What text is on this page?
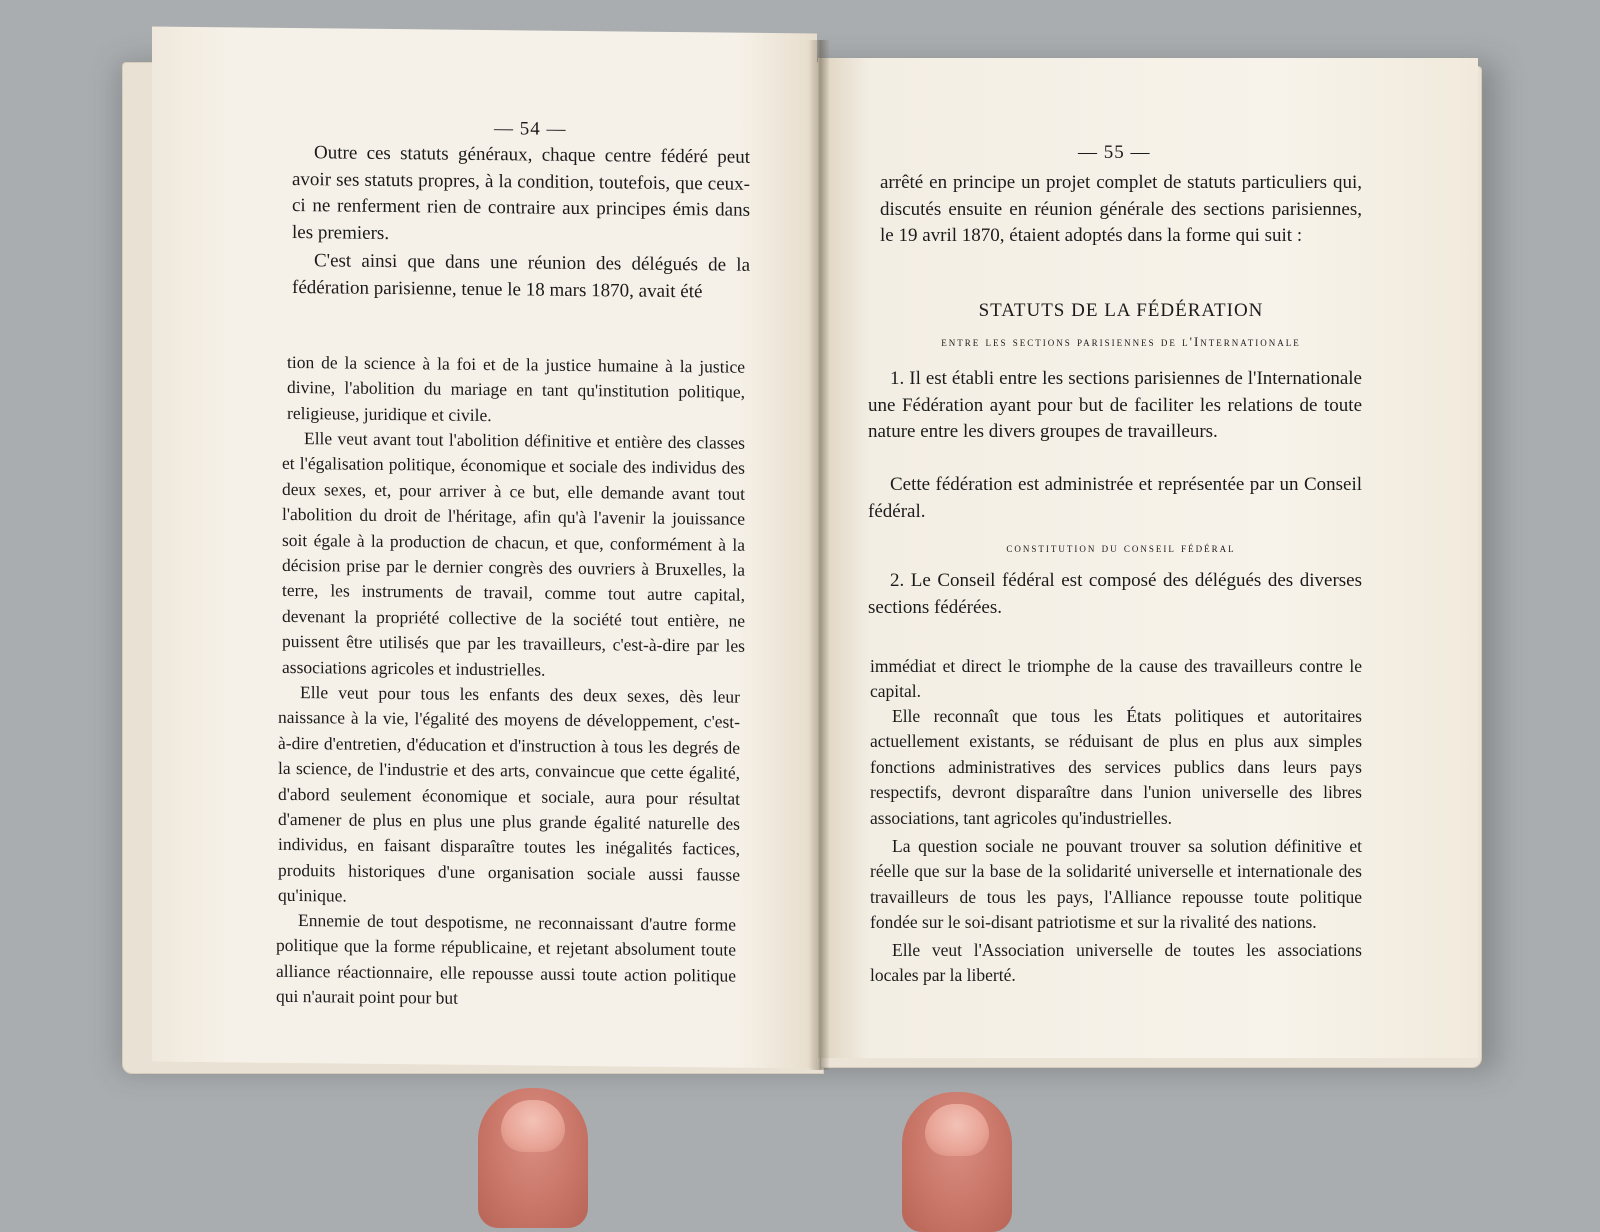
— 54 —

Outre ces statuts généraux, chaque centre fédéré peut avoir ses statuts propres, à la condition, toutefois, que ceux-ci ne renferment rien de contraire aux principes émis dans les premiers.

C'est ainsi que dans une réunion des délégués de la fédération parisienne, tenue le 18 mars 1870, avait été

tion de la science à la foi et de la justice humaine à la justice divine, l'abolition du mariage en tant qu'institution politique, religieuse, juridique et civile.

Elle veut avant tout l'abolition définitive et entière des classes et l'égalisation politique, économique et sociale des individus des deux sexes, et, pour arriver à ce but, elle demande avant tout l'abolition du droit de l'héritage, afin qu'à l'avenir la jouissance soit égale à la production de chacun, et que, conformément à la décision prise par le dernier congrès des ouvriers à Bruxelles, la terre, les instruments de travail, comme tout autre capital, devenant la propriété collective de la société tout entière, ne puissent être utilisés que par les travailleurs, c'est-à-dire par les associations agricoles et industrielles.

Elle veut pour tous les enfants des deux sexes, dès leur naissance à la vie, l'égalité des moyens de développement, c'est-à-dire d'entretien, d'éducation et d'instruction à tous les degrés de la science, de l'industrie et des arts, convaincue que cette égalité, d'abord seulement économique et sociale, aura pour résultat d'amener de plus en plus une plus grande égalité naturelle des individus, en faisant disparaître toutes les inégalités factices, produits historiques d'une organisation sociale aussi fausse qu'inique.

Ennemie de tout despotisme, ne reconnaissant d'autre forme politique que la forme républicaine, et rejetant absolument toute alliance réactionnaire, elle repousse aussi toute action politique qui n'aurait point pour but

— 55 —

arrêté en principe un projet complet de statuts particuliers qui, discutés ensuite en réunion générale des sections parisiennes, le 19 avril 1870, étaient adoptés dans la forme qui suit :

STATUTS DE LA FÉDÉRATION

entre les sections parisiennes de l'Internationale

1. Il est établi entre les sections parisiennes de l'Internationale une Fédération ayant pour but de faciliter les relations de toute nature entre les divers groupes de travailleurs.

Cette fédération est administrée et représentée par un Conseil fédéral.

constitution du conseil fédéral

2. Le Conseil fédéral est composé des délégués des diverses sections fédérées.

immédiat et direct le triomphe de la cause des travailleurs contre le capital.

Elle reconnaît que tous les États politiques et autoritaires actuellement existants, se réduisant de plus en plus aux simples fonctions administratives des services publics dans leurs pays respectifs, devront disparaître dans l'union universelle des libres associations, tant agricoles qu'industrielles.

La question sociale ne pouvant trouver sa solution définitive et réelle que sur la base de la solidarité universelle et internationale des travailleurs de tous les pays, l'Alliance repousse toute politique fondée sur le soi-disant patriotisme et sur la rivalité des nations.

Elle veut l'Association universelle de toutes les associations locales par la liberté.
